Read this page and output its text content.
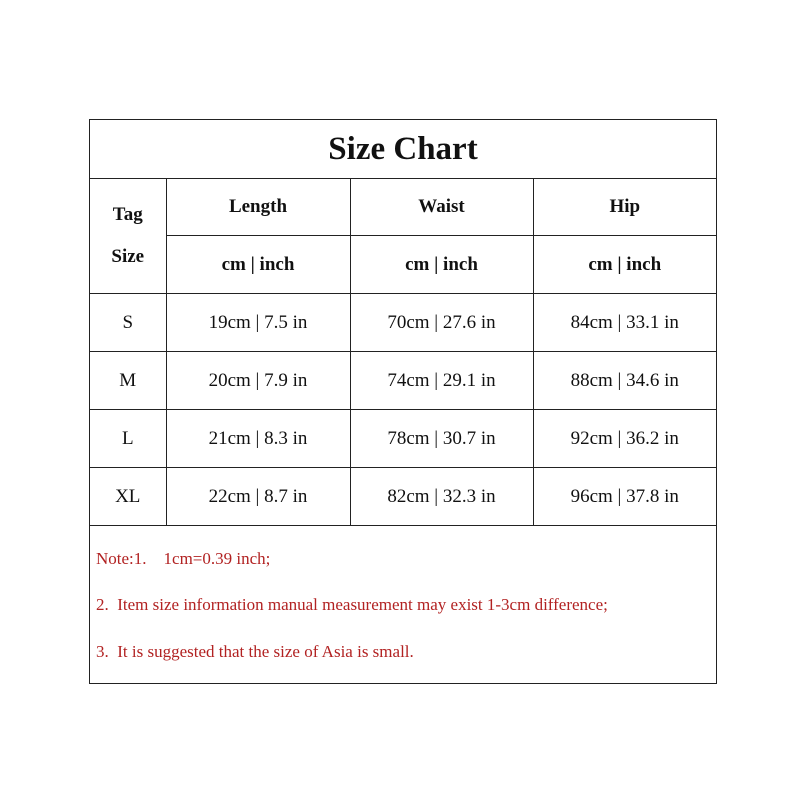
Size Chart
Tag
Size	Length	Waist	Hip
	cm | inch	cm | inch	cm | inch
S	19cm | 7.5 in	70cm | 27.6 in	84cm | 33.1 in
M	20cm | 7.9 in	74cm | 29.1 in	88cm | 34.6 in
L	21cm | 8.3 in	78cm | 30.7 in	92cm | 36.2 in
XL	22cm | 8.7 in	82cm | 32.3 in	96cm | 37.8 in
Note:1.    1cm=0.39 inch;
2.  Item size information manual measurement may exist 1-3cm difference;
3.  It is suggested that the size of Asia is small.
